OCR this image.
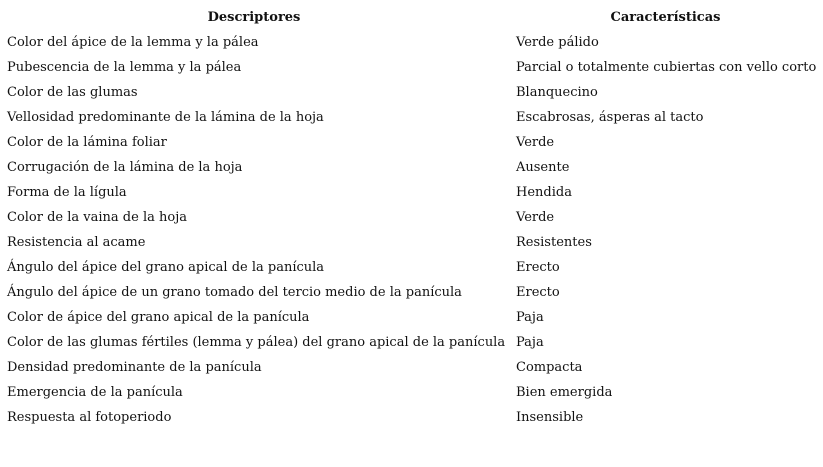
Descriptores	Características
Color del ápice de la lemma y la pálea	Verde pálido
Pubescencia de la lemma y la pálea	Parcial o totalmente cubiertas con vello corto
Color de las glumas	Blanquecino
Vellosidad predominante de la lámina de la hoja	Escabrosas, ásperas al tacto
Color de la lámina foliar	Verde
Corrugación de la lámina de la hoja	Ausente
Forma de la lígula	Hendida
Color de la vaina de la hoja	Verde
Resistencia al acame	Resistentes
Ángulo del ápice del grano apical de la panícula	Erecto
Ángulo del ápice de un grano tomado del tercio medio de la panícula	Erecto
Color de ápice del grano apical de la panícula	Paja
Color de las glumas fértiles (lemma y pálea) del grano apical de la panícula	Paja
Densidad predominante de la panícula	Compacta
Emergencia de la panícula	Bien emergida
Respuesta al fotoperiodo	Insensible
